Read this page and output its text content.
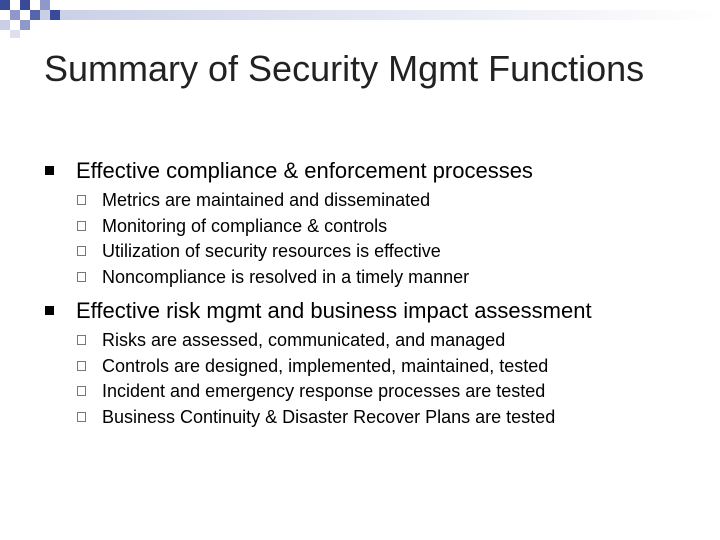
Summary of Security Mgmt Functions
Effective compliance & enforcement processes
Metrics are maintained and disseminated
Monitoring of compliance & controls
Utilization of security resources is effective
Noncompliance is resolved in a timely manner
Effective risk mgmt and business impact assessment
Risks are assessed, communicated, and managed
Controls are designed, implemented, maintained, tested
Incident and emergency response processes are tested
Business Continuity & Disaster Recover Plans are tested
